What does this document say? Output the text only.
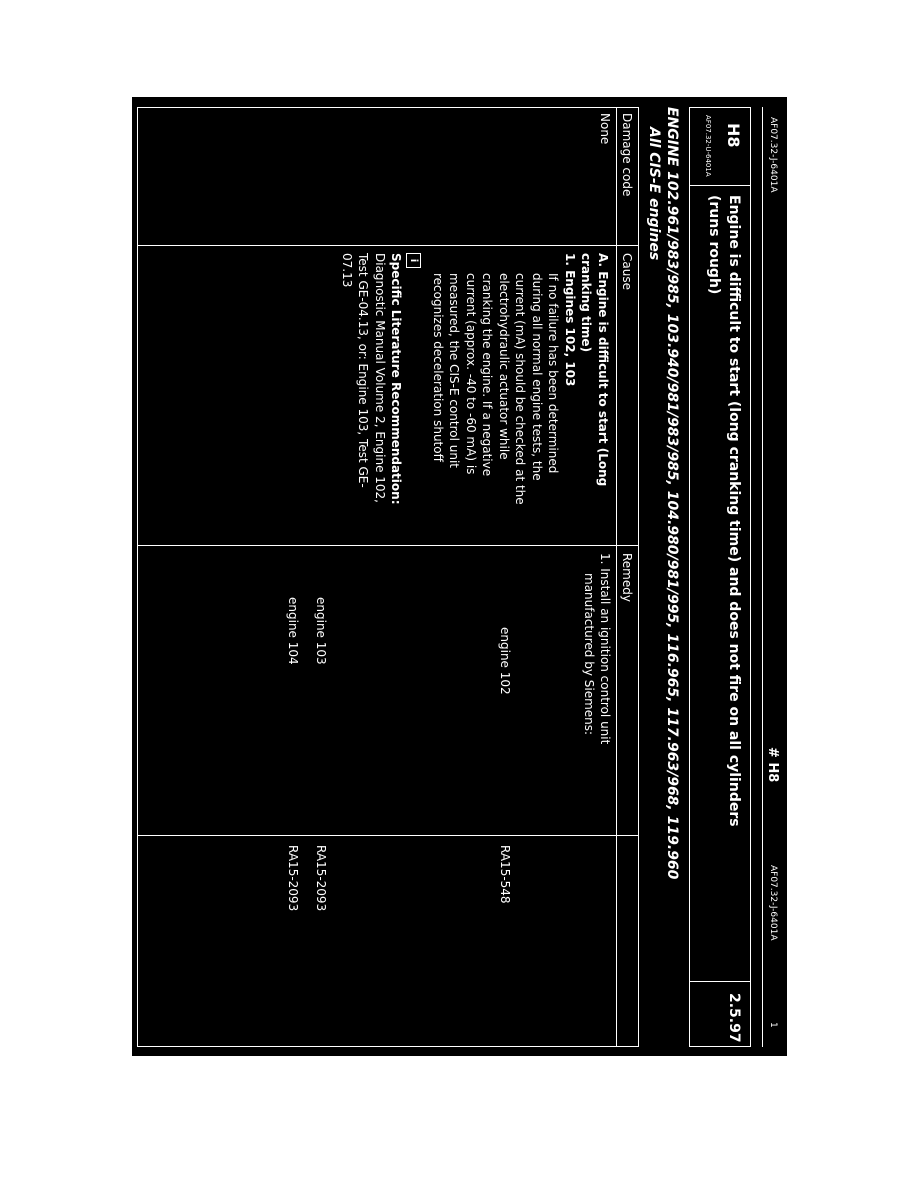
AF07.32-J-6401A
# H8
AF07.32-J-6401A
1
H8
AF07.32-U-6401A
Engine is difficult to start (long cranking time) and does not fire on all cylinders
(runs rough)
2.5.97
ENGINE 102.961/983/985, 103.940/981/983/985, 104.980/981/995, 116.965, 117.963/968, 119.960
All CIS-E engines
Damage code
Cause
Remedy
None

A. Engine is difficult to start (Long

cranking time)

1. Engines 102, 103

If no failure has been determined

during all normal engine tests, the

current (mA) should be checked at the

electrohydraulic actuator while

cranking the engine. If a negative

current (approx. -40 to -60 mA) is

measured, the CIS-E control unit

recognizes deceleration shutoff

i

Specific Literature Recommendation:

Diagnostic Manual Volume 2, Engine 102,

Test GE-04.13, or: Engine 103, Test GE-

07.13

1. Install an ignition control unit
manufactured by Siemens:
engine 102
RA15-548
engine 103
RA15-2093
engine 104
RA15-2093
